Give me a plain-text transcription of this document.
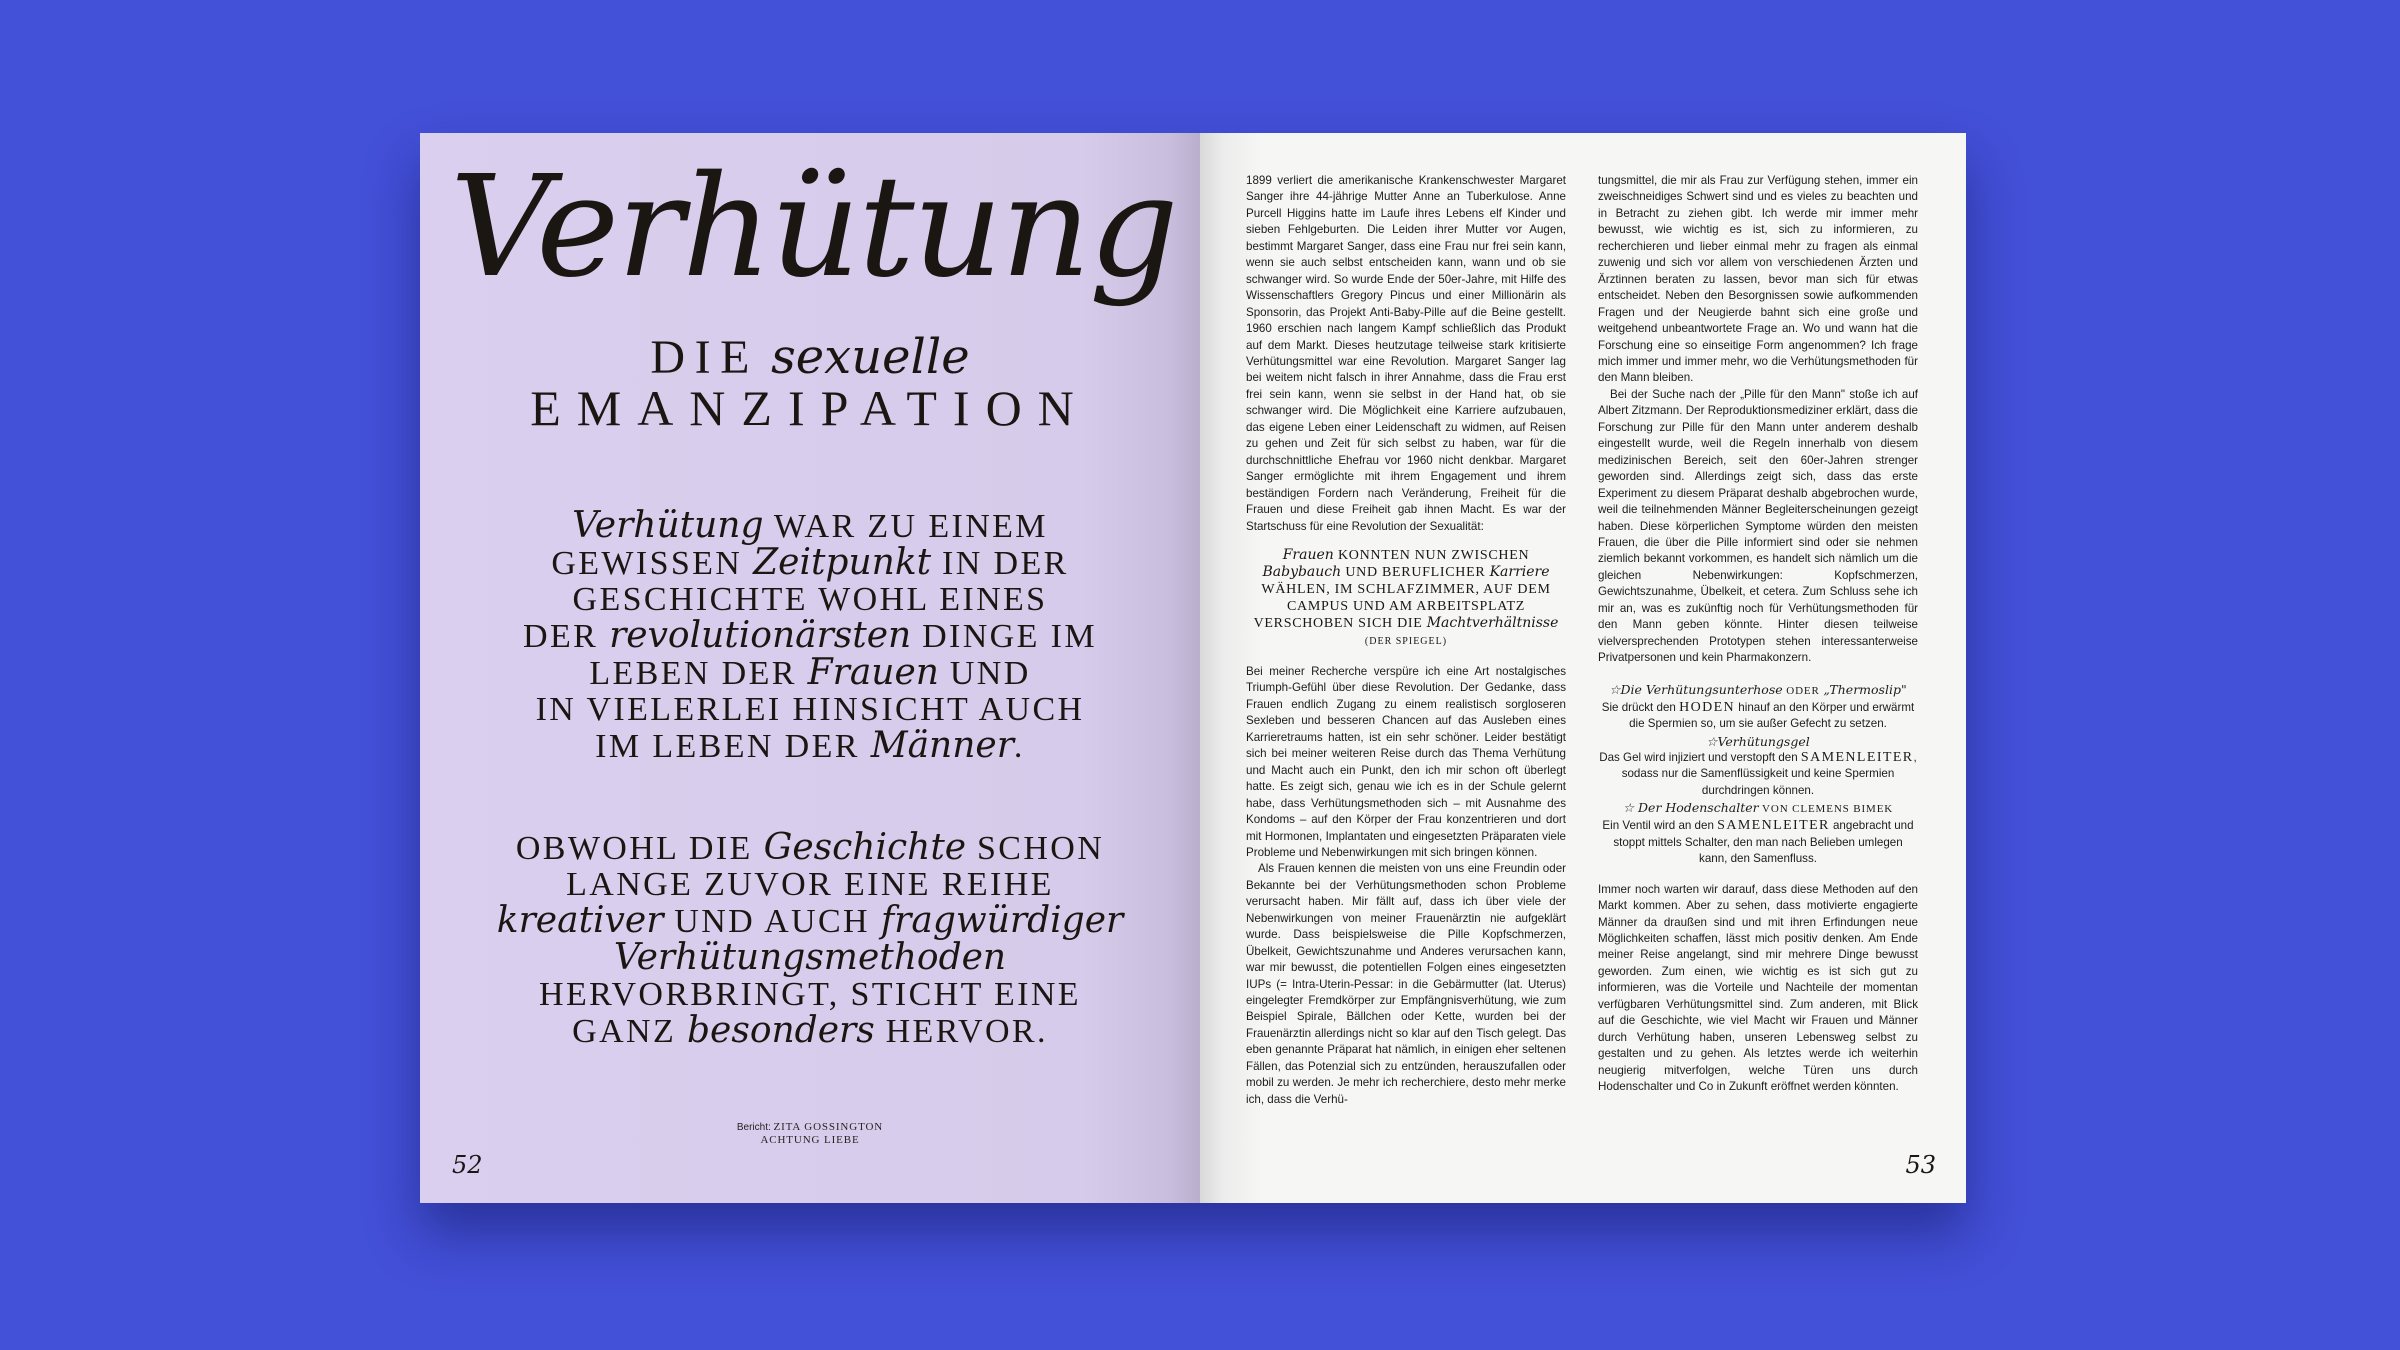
Verhütung
DIE sexuelle
EMANZIPATION
Verhütung WAR ZU EINEM
GEWISSEN Zeitpunkt IN DER
GESCHICHTE WOHL EINES
DER revolutionärsten DINGE IM
LEBEN DER Frauen UND
IN VIELERLEI HINSICHT AUCH
IM LEBEN DER Männer.
OBWOHL DIE Geschichte SCHON
LANGE ZUVOR EINE REIHE
kreativer UND AUCH fragwürdiger
Verhütungsmethoden
HERVORBRINGT, STICHT EINE
GANZ besonders HERVOR.
Bericht: ZITA GOSSINGTON
ACHTUNG LIEBE
52

1899 verliert die amerikanische Krankenschwester Margaret Sanger ihre 44-jährige Mutter Anne an Tuberkulose. Anne Purcell Higgins hatte im Laufe ihres Lebens elf Kinder und sieben Fehlgeburten. Die Leiden ihrer Mutter vor Augen, bestimmt Margaret Sanger, dass eine Frau nur frei sein kann, wenn sie auch selbst entscheiden kann, wann und ob sie schwanger wird. So wurde Ende der 50er-Jahre, mit Hilfe des Wissenschaftlers Gregory Pincus und einer Millionärin als Sponsorin, das Projekt Anti-Baby-Pille auf die Beine gestellt. 1960 erschien nach langem Kampf schließlich das Produkt auf dem Markt. Dieses heutzutage teilweise stark kritisierte Verhütungsmittel war eine Revolution. Margaret Sanger lag bei weitem nicht falsch in ihrer Annahme, dass die Frau erst frei sein kann, wenn sie selbst in der Hand hat, ob sie schwanger wird. Die Möglichkeit eine Karriere aufzubauen, das eigene Leben einer Leidenschaft zu widmen, auf Reisen zu gehen und Zeit für sich selbst zu haben, war für die durchschnittliche Ehefrau vor 1960 nicht denkbar. Margaret Sanger ermöglichte mit ihrem Engagement und ihrem beständigen Fordern nach Veränderung, Freiheit für die Frauen und diese Freiheit gab ihnen Macht. Es war der Startschuss für eine Revolution der Sexualität:

Frauen KONNTEN NUN ZWISCHEN Babybauch UND BERUFLICHER Karriere WÄHLEN, IM SCHLAFZIMMER, AUF DEM CAMPUS UND AM ARBEITSPLATZ VERSCHOBEN SICH DIE Machtverhältnisse (DER SPIEGEL)

Bei meiner Recherche verspüre ich eine Art nostalgisches Triumph-Gefühl über diese Revolution. Der Gedanke, dass Frauen endlich Zugang zu einem realistisch sorgloseren Sexleben und besseren Chancen auf das Ausleben eines Karrieretraums hatten, ist ein sehr schöner. Leider bestätigt sich bei meiner weiteren Reise durch das Thema Verhütung und Macht auch ein Punkt, den ich mir schon oft überlegt hatte. Es zeigt sich, genau wie ich es in der Schule gelernt habe, dass Verhütungsmethoden sich – mit Ausnahme des Kondoms – auf den Körper der Frau konzentrieren und dort mit Hormonen, Implantaten und eingesetzten Präparaten viele Probleme und Nebenwirkungen mit sich bringen können.

Als Frauen kennen die meisten von uns eine Freundin oder Bekannte bei der Verhütungsmethoden schon Probleme verursacht haben. Mir fällt auf, dass ich über viele der Nebenwirkungen von meiner Frauenärztin nie aufgeklärt wurde. Dass beispielsweise die Pille Kopfschmerzen, Übelkeit, Gewichtszunahme und Anderes verursachen kann, war mir bewusst, die potentiellen Folgen eines eingesetzten IUPs (= Intra-Uterin-Pessar: in die Gebärmutter (lat. Uterus) eingelegter Fremdkörper zur Empfängnisverhütung, wie zum Beispiel Spirale, Bällchen oder Kette, wurden bei der Frauenärztin allerdings nicht so klar auf den Tisch gelegt. Das eben genannte Präparat hat nämlich, in einigen eher seltenen Fällen, das Potenzial sich zu entzünden, herauszufallen oder mobil zu werden. Je mehr ich recherchiere, desto mehr merke ich, dass die Verhü-

tungsmittel, die mir als Frau zur Verfügung stehen, immer ein zweischneidiges Schwert sind und es vieles zu beachten und in Betracht zu ziehen gibt. Ich werde mir immer mehr bewusst, wie wichtig es ist, sich zu informieren, zu recherchieren und lieber einmal mehr zu fragen als einmal zuwenig und sich vor allem von verschiedenen Ärzten und Ärztinnen beraten zu lassen, bevor man sich für etwas entscheidet. Neben den Besorgnissen sowie aufkommenden Fragen und der Neugierde bahnt sich eine große und weitgehend unbeantwortete Frage an. Wo und wann hat die Forschung eine so einseitige Form angenommen? Ich frage mich immer und immer mehr, wo die Verhütungsmethoden für den Mann bleiben.

Bei der Suche nach der „Pille für den Mann" stoße ich auf Albert Zitzmann. Der Reproduktionsmediziner erklärt, dass die Forschung zur Pille für den Mann unter anderem deshalb eingestellt wurde, weil die Regeln innerhalb von diesem medizinischen Bereich, seit den 60er-Jahren strenger geworden sind. Allerdings zeigt sich, dass das erste Experiment zu diesem Präparat deshalb abgebrochen wurde, weil die teilnehmenden Männer Begleiterscheinungen gezeigt haben. Diese körperlichen Symptome würden den meisten Frauen, die über die Pille informiert sind oder sie nehmen ziemlich bekannt vorkommen, es handelt sich nämlich um die gleichen Nebenwirkungen: Kopfschmerzen, Gewichtszunahme, Übelkeit, et cetera. Zum Schluss sehe ich mir an, was es zukünftig noch für Verhütungsmethoden für den Mann geben könnte. Hinter diesen teilweise vielversprechenden Prototypen stehen interessanterweise Privatpersonen und kein Pharmakonzern.

☆Die Verhütungsunterhose ODER „Thermoslip"
Sie drückt den HODEN hinauf an den Körper und erwärmt die Spermien so, um sie außer Gefecht zu setzen.
☆Verhütungsgel
Das Gel wird injiziert und verstopft den SAMENLEITER, sodass nur die Samenflüssigkeit und keine Spermien durchdringen können.
☆ Der Hodenschalter VON CLEMENS BIMEK
Ein Ventil wird an den SAMENLEITER angebracht und stoppt mittels Schalter, den man nach Belieben umlegen kann, den Samenfluss.

Immer noch warten wir darauf, dass diese Methoden auf den Markt kommen. Aber zu sehen, dass motivierte engagierte Männer da draußen sind und mit ihren Erfindungen neue Möglichkeiten schaffen, lässt mich positiv denken. Am Ende meiner Reise angelangt, sind mir mehrere Dinge bewusst geworden. Zum einen, wie wichtig es ist sich gut zu informieren, was die Vorteile und Nachteile der momentan verfügbaren Verhütungsmittel sind. Zum anderen, mit Blick auf die Geschichte, wie viel Macht wir Frauen und Männer durch Verhütung haben, unseren Lebensweg selbst zu gestalten und zu gehen. Als letztes werde ich weiterhin neugierig mitverfolgen, welche Türen uns durch Hodenschalter und Co in Zukunft eröffnet werden könnten.

53
